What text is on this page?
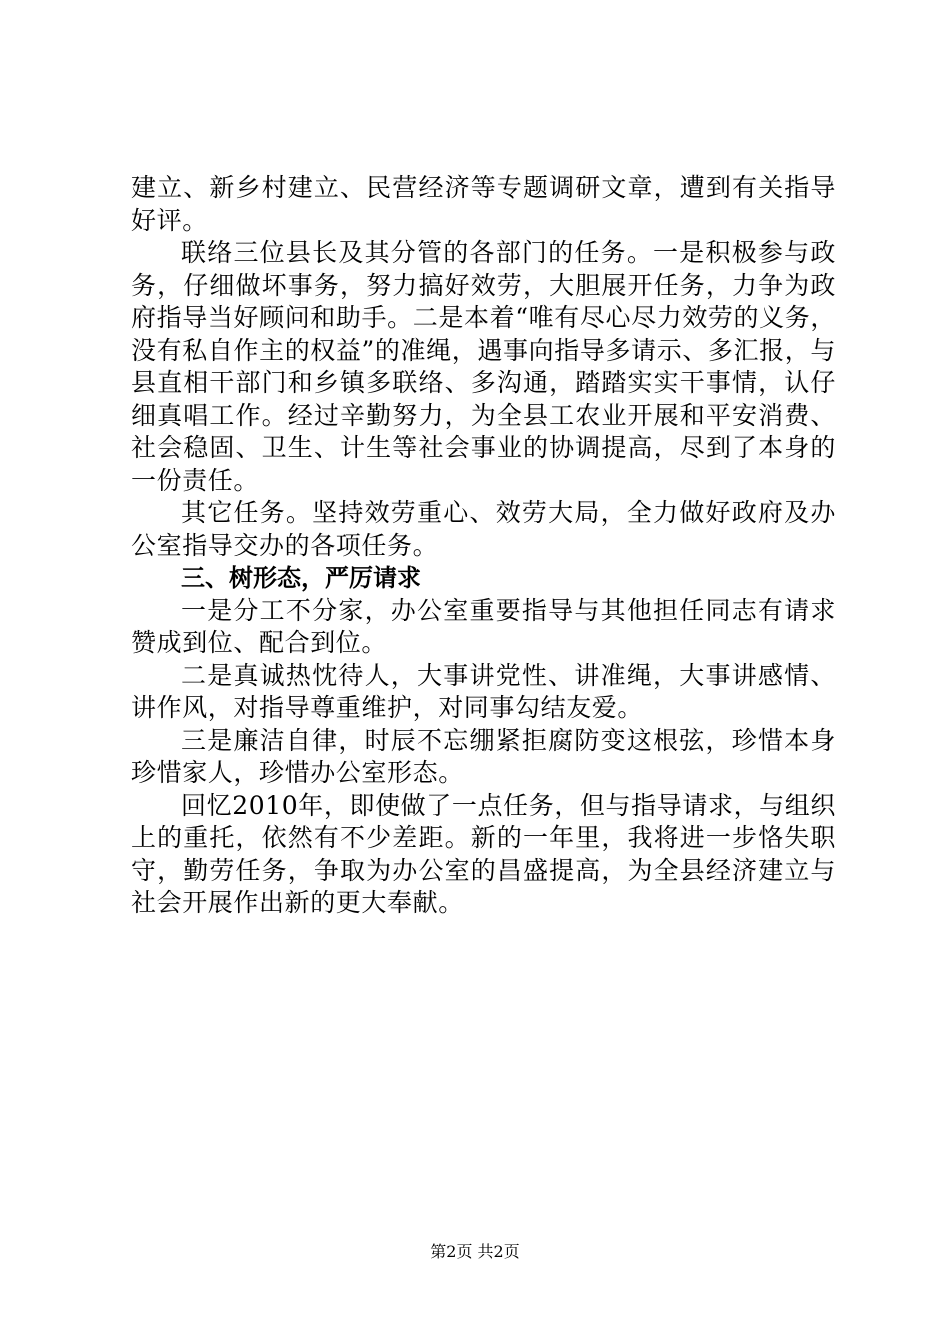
建立、新乡村建立、民营经济等专题调研文章，遭到有关指导好评。

联络三位县长及其分管的各部门的任务。一是积极参与政务，仔细做坏事务，努力搞好效劳，大胆展开任务，力争为政府指导当好顾问和助手。二是本着“唯有尽心尽力效劳的义务，没有私自作主的权益”的准绳，遇事向指导多请示、多汇报，与县直相干部门和乡镇多联络、多沟通，踏踏实实干事情，认仔细真唱工作。经过辛勤努力，为全县工农业开展和平安消费、社会稳固、卫生、计生等社会事业的协调提高，尽到了本身的一份责任。

其它任务。坚持效劳重心、效劳大局，全力做好政府及办公室指导交办的各项任务。

三、树形态，严厉请求

一是分工不分家，办公室重要指导与其他担任同志有请求赞成到位、配合到位。

二是真诚热忱待人，大事讲党性、讲准绳，大事讲感情、讲作风，对指导尊重维护，对同事勾结友爱。

三是廉洁自律，时辰不忘绷紧拒腐防变这根弦，珍惜本身珍惜家人，珍惜办公室形态。

回忆2010年，即使做了一点任务，但与指导请求，与组织上的重托，依然有不少差距。新的一年里，我将进一步恪失职守，勤劳任务，争取为办公室的昌盛提高，为全县经济建立与社会开展作出新的更大奉献。

第2页 共2页
